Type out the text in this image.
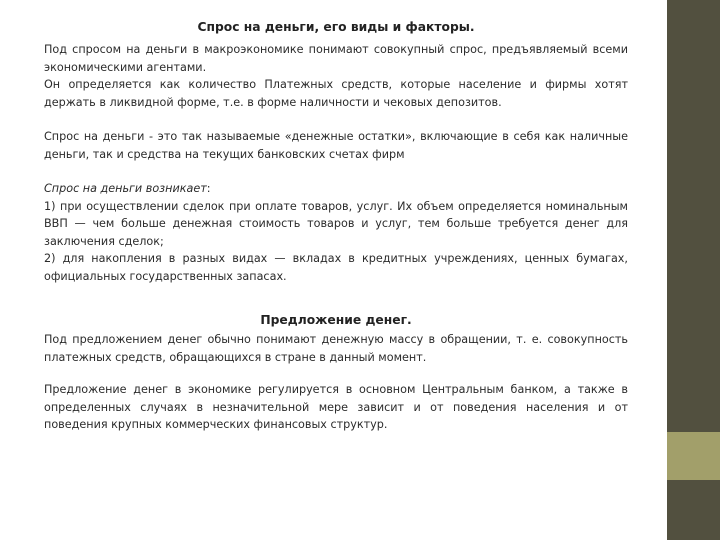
Спрос на деньги, его виды и факторы.

Под спросом на деньги в макроэкономике понимают совокупный спрос, предъявляемый всеми экономическими агентами.

Он определяется как количество Платежных средств, которые население и фирмы хотят держать в ликвидной форме, т.е. в форме наличности и чековых депозитов.

Спрос на деньги - это так называемые «денежные остатки», включающие в себя как наличные деньги, так и средства на текущих банковских счетах фирм

Спрос на деньги возникает:

1) при осуществлении сделок при оплате товаров, услуг. Их объем определяется номинальным ВВП — чем больше денежная стоимость товаров и услуг, тем больше требуется денег для заключения сделок;

2) для накопления в разных видах — вкладах в кредитных учреждениях, ценных бумагах, официальных государственных запасах.

Предложение денег.

Под предложением денег обычно понимают денежную массу в обращении, т. е. совокупность платежных средств, обращающихся в стране в данный момент.

Предложение денег в экономике регулируется в основном Центральным банком, а также в определенных случаях в незначительной мере зависит и от поведения населения и от поведения крупных коммерческих финансовых структур.
